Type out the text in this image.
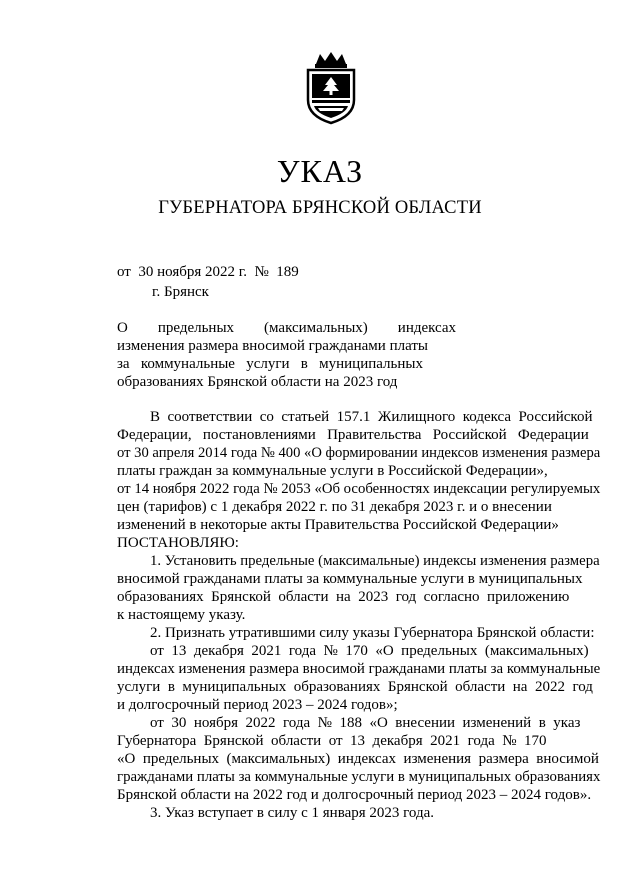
УКАЗ
ГУБЕРНАТОРА БРЯНСКОЙ ОБЛАСТИ
от  30 ноября 2022 г.  №  189
г. Брянск
О        предельных        (максимальных)        индексах
изменения размера вносимой гражданами платы
за   коммунальные   услуги   в   муниципальных
образованиях Брянской области на 2023 год
В  соответствии  со  статьей  157.1  Жилищного  кодекса  Российской
Федерации,   постановлениями   Правительства   Российской   Федерации
от 30 апреля 2014 года № 400 «О формировании индексов изменения размера
платы граждан за коммунальные услуги в Российской Федерации»,
от 14 ноября 2022 года № 2053 «Об особенностях индексации регулируемых
цен (тарифов) с 1 декабря 2022 г. по 31 декабря 2023 г. и о внесении
изменений в некоторые акты Правительства Российской Федерации»
ПОСТАНОВЛЯЮ:
1. Установить предельные (максимальные) индексы изменения размера
вносимой гражданами платы за коммунальные услуги в муниципальных
образованиях  Брянской  области  на  2023  год  согласно  приложению
к настоящему указу.
2. Признать утратившими силу указы Губернатора Брянской области:
от  13  декабря  2021  года  №  170  «О  предельных  (максимальных)
индексах изменения размера вносимой гражданами платы за коммунальные
услуги  в  муниципальных  образованиях  Брянской  области  на  2022  год
и долгосрочный период 2023 – 2024 годов»;
от  30  ноября  2022  года  №  188  «О  внесении  изменений  в  указ
Губернатора  Брянской  области  от  13  декабря  2021  года  №  170
«О  предельных  (максимальных)  индексах  изменения  размера  вносимой
гражданами платы за коммунальные услуги в муниципальных образованиях
Брянской области на 2022 год и долгосрочный период 2023 – 2024 годов».
3. Указ вступает в силу с 1 января 2023 года.
